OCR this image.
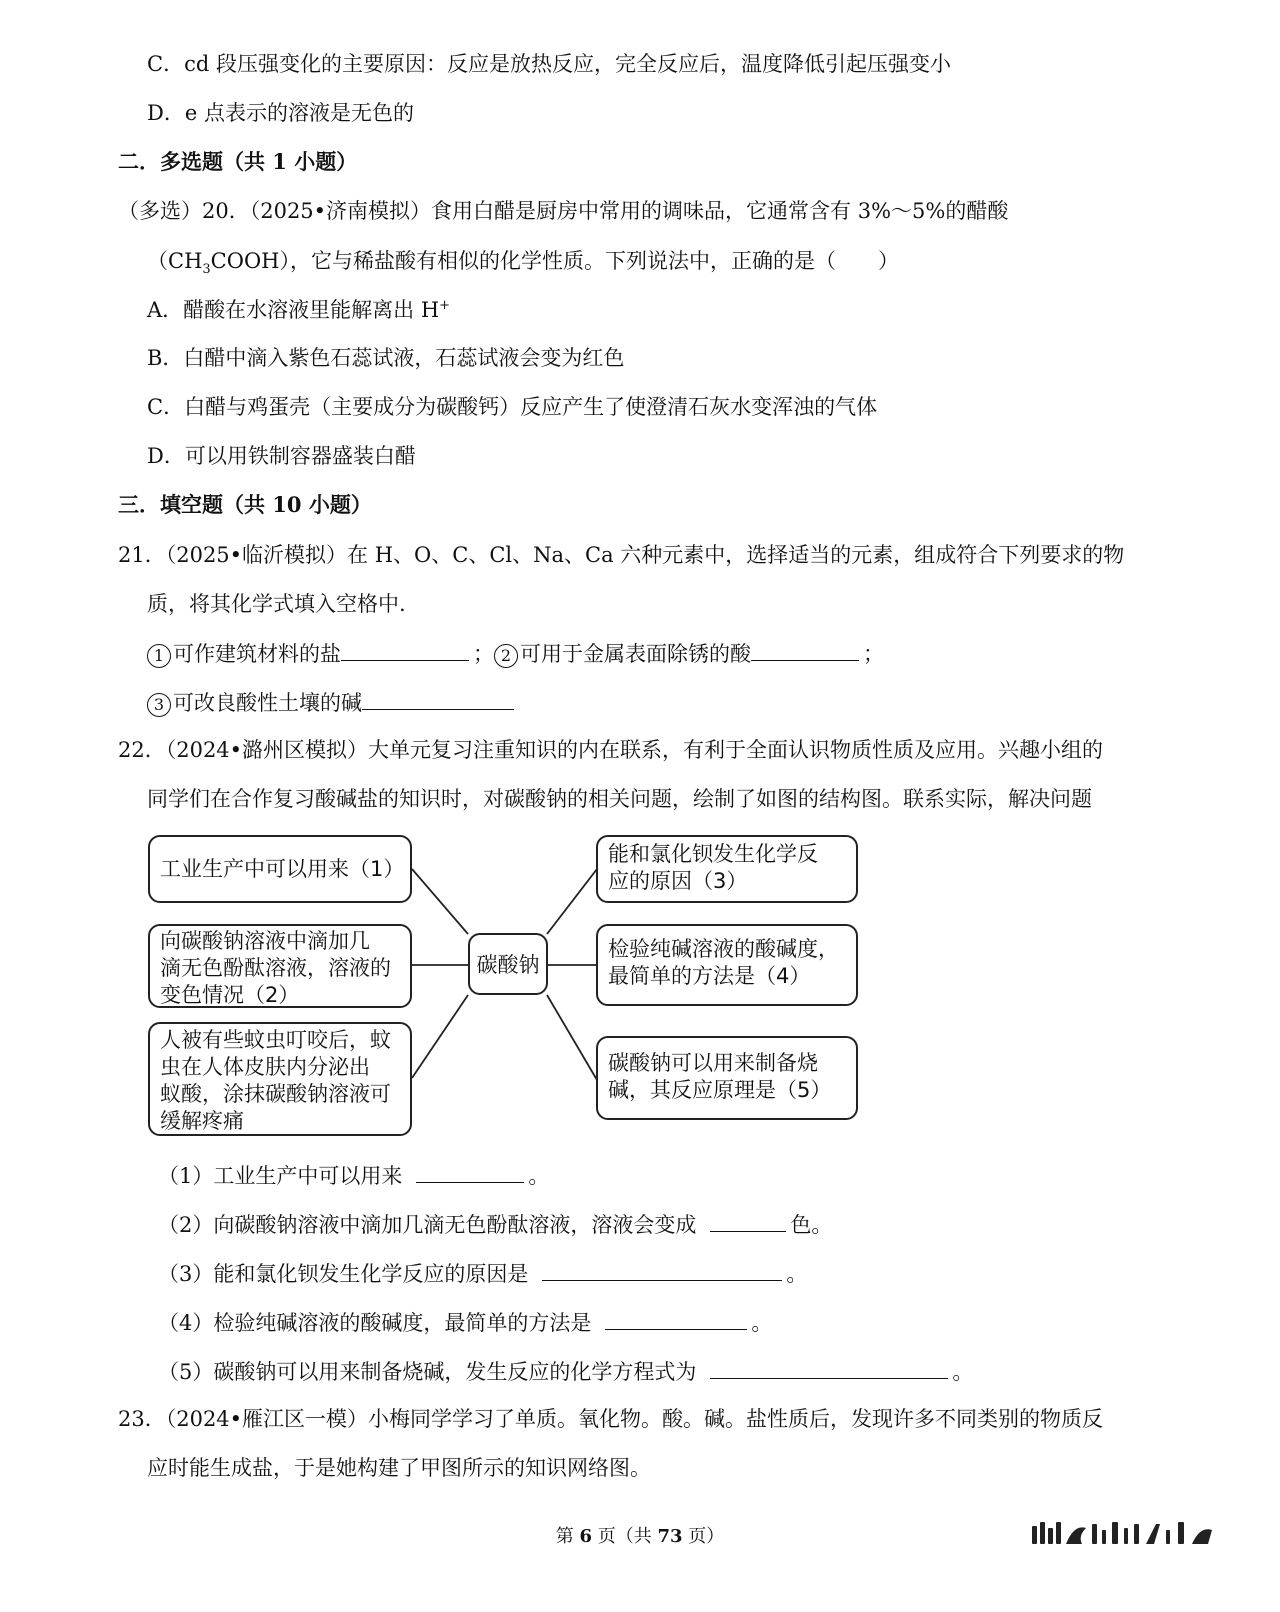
C．cd 段压强变化的主要原因：反应是放热反应，完全反应后，温度降低引起压强变小
D．e 点表示的溶液是无色的
二．多选题（共 1 小题）
（多选）20．（2025•济南模拟）食用白醋是厨房中常用的调味品，它通常含有 3%～5%的醋酸
$(CH_3COOH)$，它与稀盐酸有相似的化学性质。下列说法中，正确的是（　　）
A．醋酸在水溶液里能解离出 H+
B．白醋中滴入紫色石蕊试液，石蕊试液会变为红色
C．白醋与鸡蛋壳（主要成分为碳酸钙）反应产生了使澄清石灰水变浑浊的气体
D．可以用铁制容器盛装白醋
三．填空题（共 10 小题）
21．（2025•临沂模拟）在 H、O、C、Cl、Na、Ca 六种元素中，选择适当的元素，组成符合下列要求的物
质，将其化学式填入空格中.
1 可作建筑材料的盐	； 2 可用于金属表面除锈的酸	；
3 可改良酸性土壤的碱
22．（2024•潞州区模拟）大单元复习注重知识的内在联系，有利于全面认识物质性质及应用。兴趣小组的
同学们在合作复习酸碱盐的知识时，对碳酸钠的相关问题，绘制了如图的结构图。联系实际，解决问题
碳酸钠
工业生产中可以用来（1）
向碳酸钠溶液中滴加几
滴无色酚酞溶液，溶液的
变色情况（2）
人被有些蚊虫叮咬后，蚊
虫在人体皮肤内分泌出
蚁酸，涂抹碳酸钠溶液可
缓解疼痛
能和氯化钡发生化学反
应的原因（3）
检验纯碱溶液的酸碱度，
最简单的方法是（4）
碳酸钠可以用来制备烧
碱，其反应原理是（5）
（1）工业生产中可以用来	。
（2）向碳酸钠溶液中滴加几滴无色酚酞溶液，溶液会变成	色。
（3）能和氯化钡发生化学反应的原因是	。
（4）检验纯碱溶液的酸碱度，最简单的方法是	。
（5）碳酸钠可以用来制备烧碱，发生反应的化学方程式为	。
23．（2024•雁江区一模）小梅同学学习了单质。氧化物。酸。碱。盐性质后，发现许多不同类别的物质反
应时能生成盐，于是她构建了甲图所示的知识网络图。
第 6 页（共 73 页）
